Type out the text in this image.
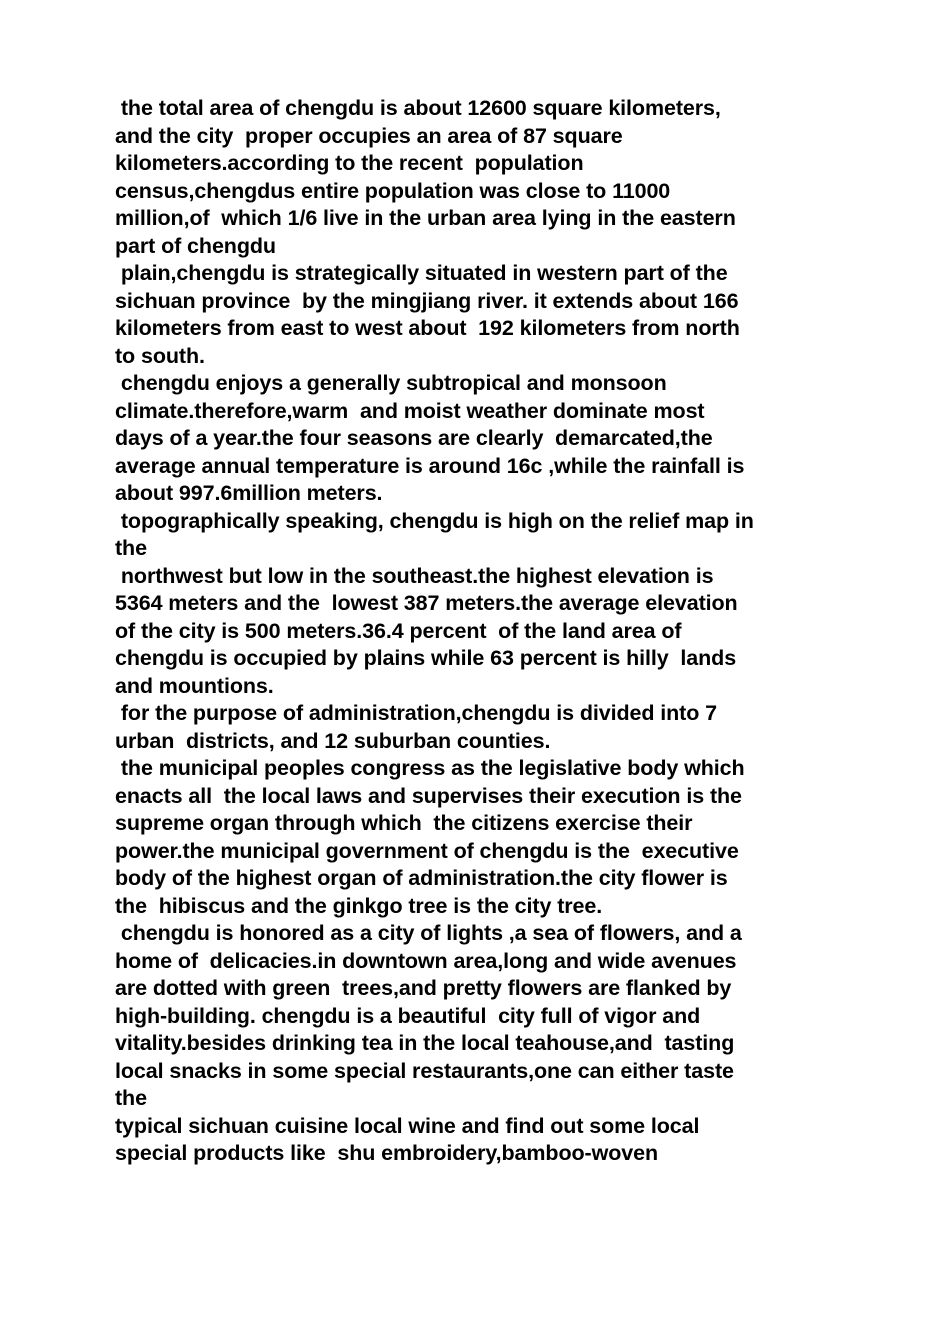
the total area of chengdu is about 12600 square kilometers,
and the city  proper occupies an area of 87 square
kilometers.according to the recent  population
census,chengdus entire population was close to 11000
million,of  which 1/6 live in the urban area lying in the eastern
part of chengdu
plain,chengdu is strategically situated in western part of the
sichuan province  by the mingjiang river. it extends about 166
kilometers from east to west about  192 kilometers from north
to south.
chengdu enjoys a generally subtropical and monsoon
climate.therefore,warm  and moist weather dominate most
days of a year.the four seasons are clearly  demarcated,the
average annual temperature is around 16c ,while the rainfall is
about 997.6million meters.
topographically speaking, chengdu is high on the relief map in
the
northwest but low in the southeast.the highest elevation is
5364 meters and the  lowest 387 meters.the average elevation
of the city is 500 meters.36.4 percent  of the land area of
chengdu is occupied by plains while 63 percent is hilly  lands
and mountions.
for the purpose of administration,chengdu is divided into 7
urban  districts, and 12 suburban counties.
the municipal peoples congress as the legislative body which
enacts all  the local laws and supervises their execution is the
supreme organ through which  the citizens exercise their
power.the municipal government of chengdu is the  executive
body of the highest organ of administration.the city flower is
the  hibiscus and the ginkgo tree is the city tree.
chengdu is honored as a city of lights ,a sea of flowers, and a
home of  delicacies.in downtown area,long and wide avenues
are dotted with green  trees,and pretty flowers are flanked by
high-building. chengdu is a beautiful  city full of vigor and
vitality.besides drinking tea in the local teahouse,and  tasting
local snacks in some special restaurants,one can either taste
the
typical sichuan cuisine local wine and find out some local
special products like  shu embroidery,bamboo-woven
